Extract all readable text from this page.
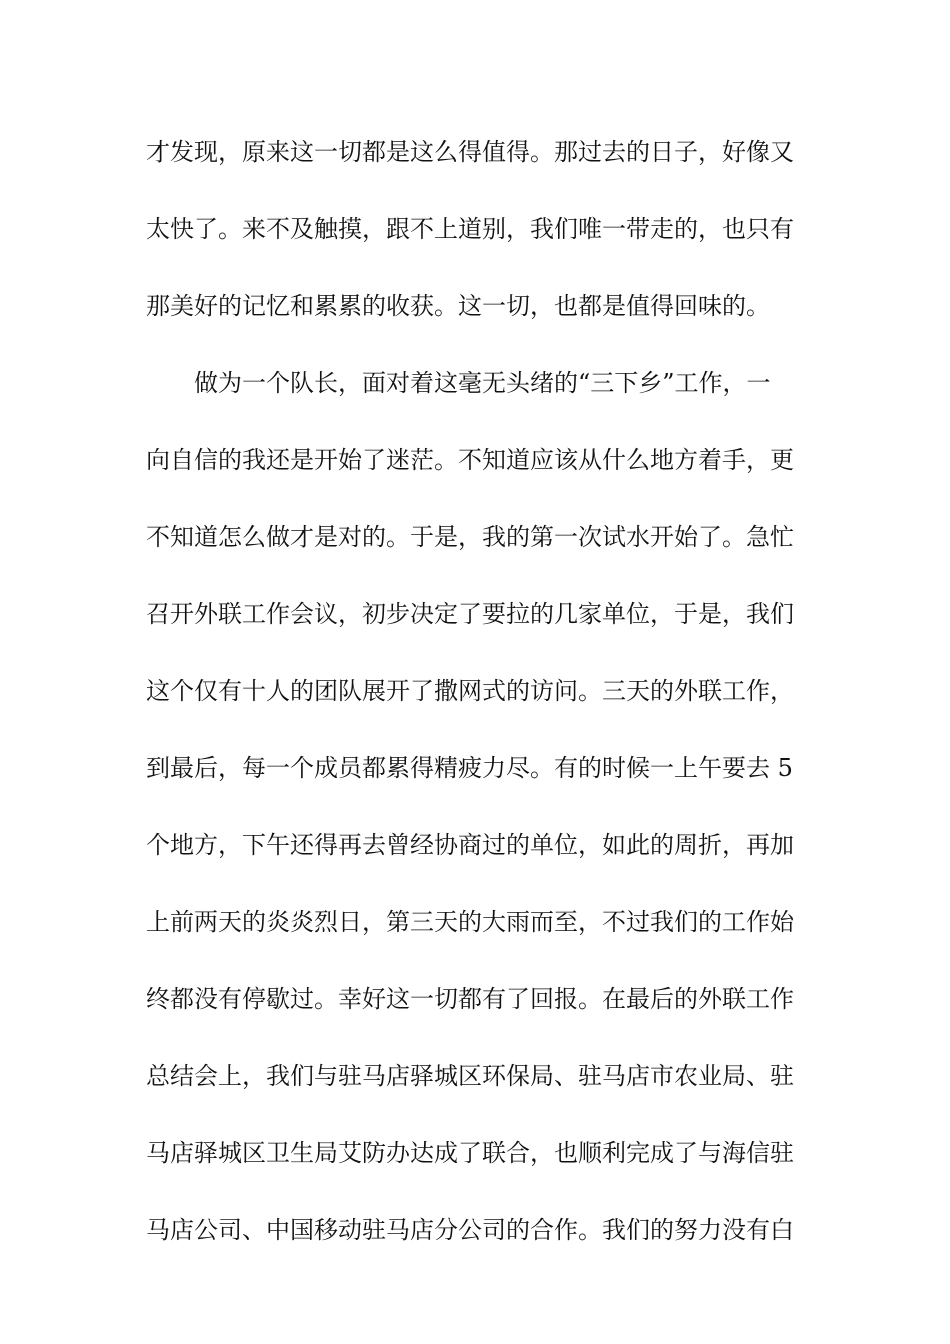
才发现，原来这一切都是这么得值得。那过去的日子，好像又
太快了。来不及触摸，跟不上道别，我们唯一带走的，也只有
那美好的记忆和累累的收获。这一切，也都是值得回味的。
　　做为一个队长，面对着这毫无头绪的“三下乡”工作，一
向自信的我还是开始了迷茫。不知道应该从什么地方着手，更
不知道怎么做才是对的。于是，我的第一次试水开始了。急忙
召开外联工作会议，初步决定了要拉的几家单位，于是，我们
这个仅有十人的团队展开了撒网式的访问。三天的外联工作，
到最后，每一个成员都累得精疲力尽。有的时候一上午要去 5
个地方，下午还得再去曾经协商过的单位，如此的周折，再加
上前两天的炎炎烈日，第三天的大雨而至，不过我们的工作始
终都没有停歇过。幸好这一切都有了回报。在最后的外联工作
总结会上，我们与驻马店驿城区环保局、驻马店市农业局、驻
马店驿城区卫生局艾防办达成了联合，也顺利完成了与海信驻
马店公司、中国移动驻马店分公司的合作。我们的努力没有白
